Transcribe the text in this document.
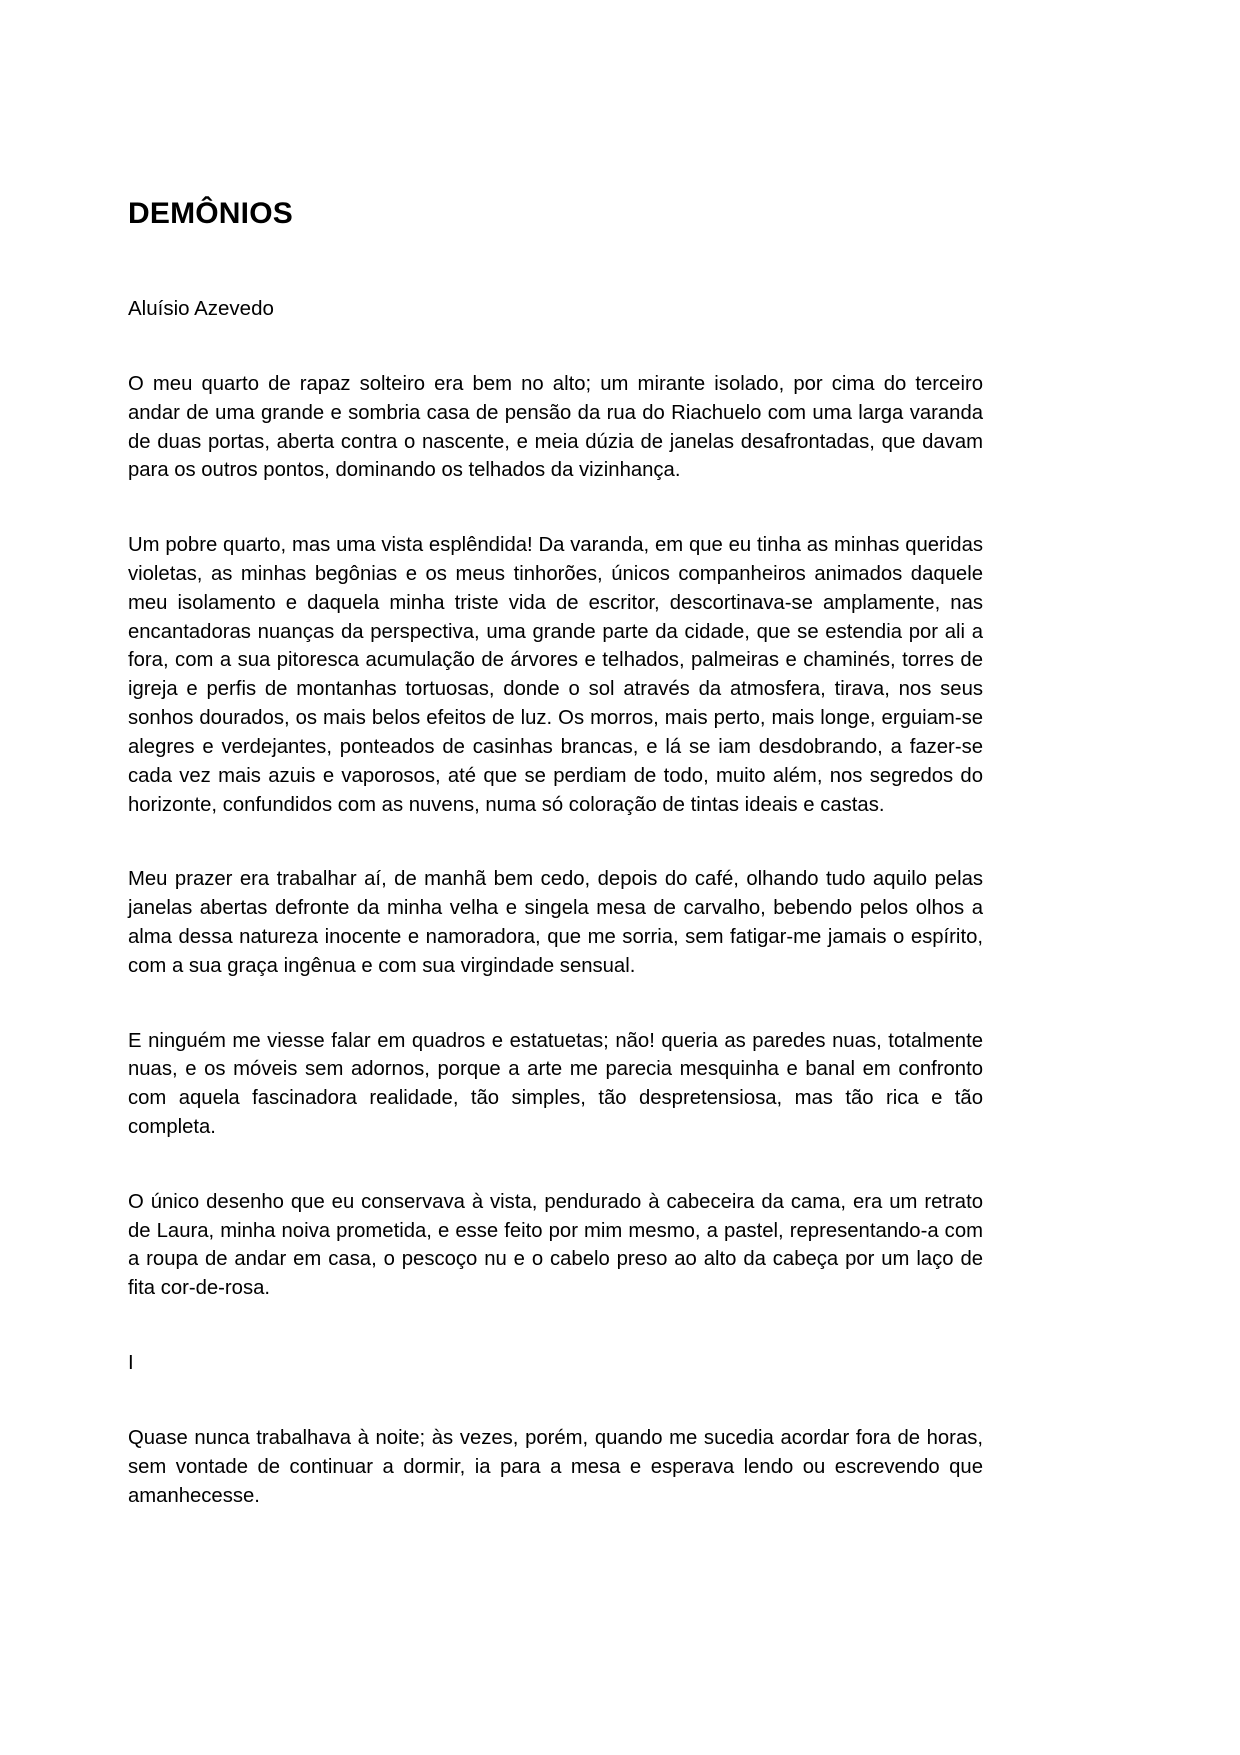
DEMÔNIOS
Aluísio Azevedo

O meu quarto de rapaz solteiro era bem no alto; um mirante isolado, por cima do terceiro andar de uma grande e sombria casa de pensão da rua do Riachuelo com uma larga varanda de duas portas, aberta contra o nascente, e meia dúzia de janelas desafrontadas, que davam para os outros pontos, dominando os telhados da vizinhança.

Um pobre quarto, mas uma vista esplêndida! Da varanda, em que eu tinha as minhas queridas violetas, as minhas begônias e os meus tinhorões, únicos companheiros animados daquele meu isolamento e daquela minha triste vida de escritor, descortinava-se amplamente, nas encantadoras nuanças da perspectiva, uma grande parte da cidade, que se estendia por ali a fora, com a sua pitoresca acumulação de árvores e telhados, palmeiras e chaminés, torres de igreja e perfis de montanhas tortuosas, donde o sol através da atmosfera, tirava, nos seus sonhos dourados, os mais belos efeitos de luz. Os morros, mais perto, mais longe, erguiam-se alegres e verdejantes, ponteados de casinhas brancas, e lá se iam desdobrando, a fazer-se cada vez mais azuis e vaporosos, até que se perdiam de todo, muito além, nos segredos do horizonte, confundidos com as nuvens, numa só coloração de tintas ideais e castas.

Meu prazer era trabalhar aí, de manhã bem cedo, depois do café, olhando tudo aquilo pelas janelas abertas defronte da minha velha e singela mesa de carvalho, bebendo pelos olhos a alma dessa natureza inocente e namoradora, que me sorria, sem fatigar-me jamais o espírito, com a sua graça ingênua e com sua virgindade sensual.

E ninguém me viesse falar em quadros e estatuetas; não! queria as paredes nuas, totalmente nuas, e os móveis sem adornos, porque a arte me parecia mesquinha e banal em confronto com aquela fascinadora realidade, tão simples, tão despretensiosa, mas tão rica e tão completa.

O único desenho que eu conservava à vista, pendurado à cabeceira da cama, era um retrato de Laura, minha noiva prometida, e esse feito por mim mesmo, a pastel, representando-a com a roupa de andar em casa, o pescoço nu e o cabelo preso ao alto da cabeça por um laço de fita cor-de-rosa.

I

Quase nunca trabalhava à noite; às vezes, porém, quando me sucedia acordar fora de horas, sem vontade de continuar a dormir, ia para a mesa e esperava lendo ou escrevendo que amanhecesse.
